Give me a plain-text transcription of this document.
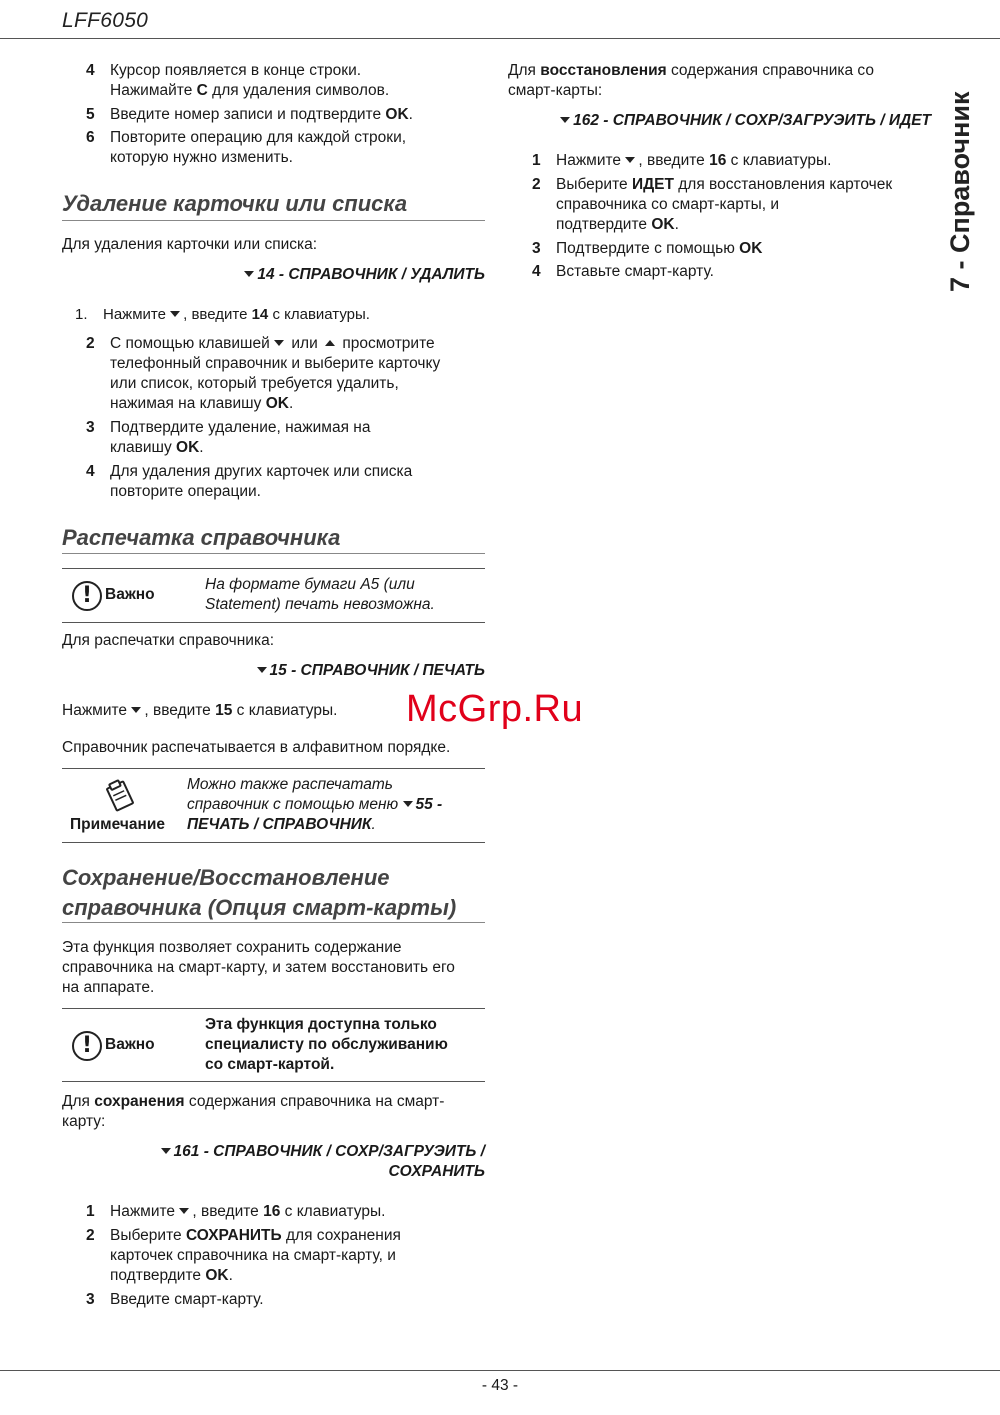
LFF6050
7 - Справочник
4 Курсор появляется в конце строки.
Нажимайте C для удаления символов.
5 Введите номер записи и подтвердите OK.
6 Повторите операцию для каждой строки,
которую нужно изменить.
Удаление карточки или списка
Для удаления карточки или списка:
14 - СПРАВОЧНИК / УДАЛИТЬ
1. Нажмите , введите 14 с клавиатуры.
2 С помощью клавишей  или  просмотрите
телефонный справочник и выберите карточку
или список, который требуется удалить,
нажимая на клавишу OK.
3 Подтвердите удаление, нажимая на
клавишу OK.
4 Для удаления других карточек или списка
повторите операции.
Распечатка справочника
! Важно
На формате бумаги A5 (или
Statement) печать невозможна.
Для распечатки справочника:
15 - СПРАВОЧНИК / ПЕЧАТЬ
Нажмите , введите 15 с клавиатуры.
Справочник распечатывается в алфавитном порядке.
Примечание
Можно также распечатать
справочник с помощью меню 55 -
ПЕЧАТЬ / СПРАВОЧНИК.
Сохранение/Восстановление
справочника (Опция смарт-карты)
Эта функция позволяет сохранить содержание
справочника на смарт-карту, и затем восстановить его
на аппарате.
! Важно
Эта функция доступна только
специалисту по обслуживанию
со смарт-картой.
Для сохранения содержания справочника на смарт-
карту:
161 - СПРАВОЧНИК / СОХР/ЗАГРУЭИТЬ /
СОХРАНИТЬ
1 Нажмите , введите 16 с клавиатуры.
2 Выберите СОХРАНИТЬ для сохранения
карточек справочника на смарт-карту, и
подтвердите OK.
3 Введите смарт-карту.
Для восстановления содержания справочника со
смарт-карты:
162 - СПРАВОЧНИК / СОХР/ЗАГРУЭИТЬ / ИДЕТ
1 Нажмите , введите 16 с клавиатуры.
2 Выберите ИДЕТ для восстановления карточек
справочника со смарт-карты, и
подтвердите OK.
3 Подтвердите с помощью OK
4 Вставьте смарт-карту.
McGrp.Ru
- 43 -
